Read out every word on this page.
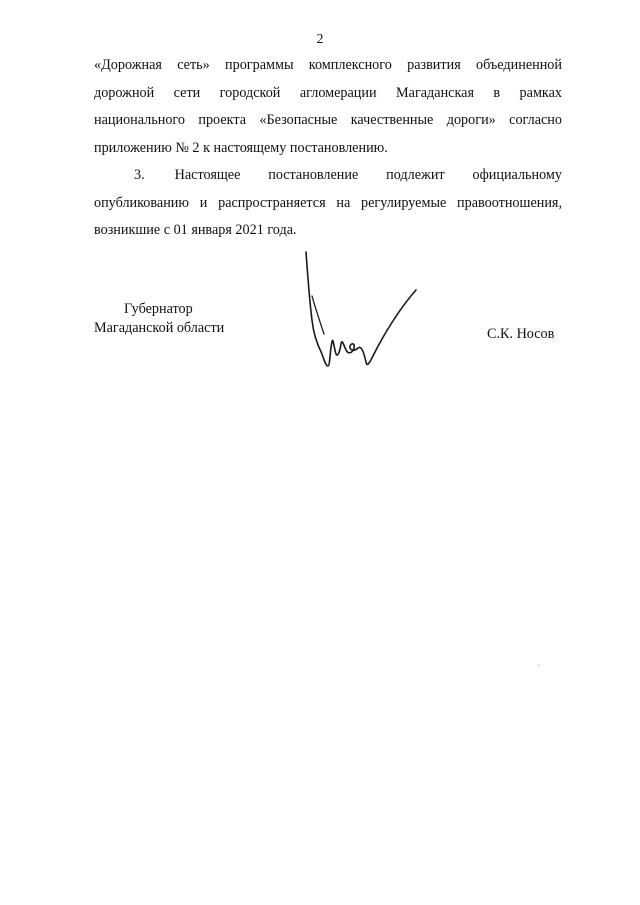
2
«Дорожная сеть» программы комплексного развития объединенной
дорожной сети городской агломерации Магаданская в рамках
национального проекта «Безопасные качественные дороги» согласно
приложению № 2 к настоящему постановлению.
3. Настоящее постановление подлежит официальному
опубликованию и распространяется на регулируемые правоотношения,
возникшие с 01 января 2021 года.
Губернатор
Магаданской области	С.К. Носов
